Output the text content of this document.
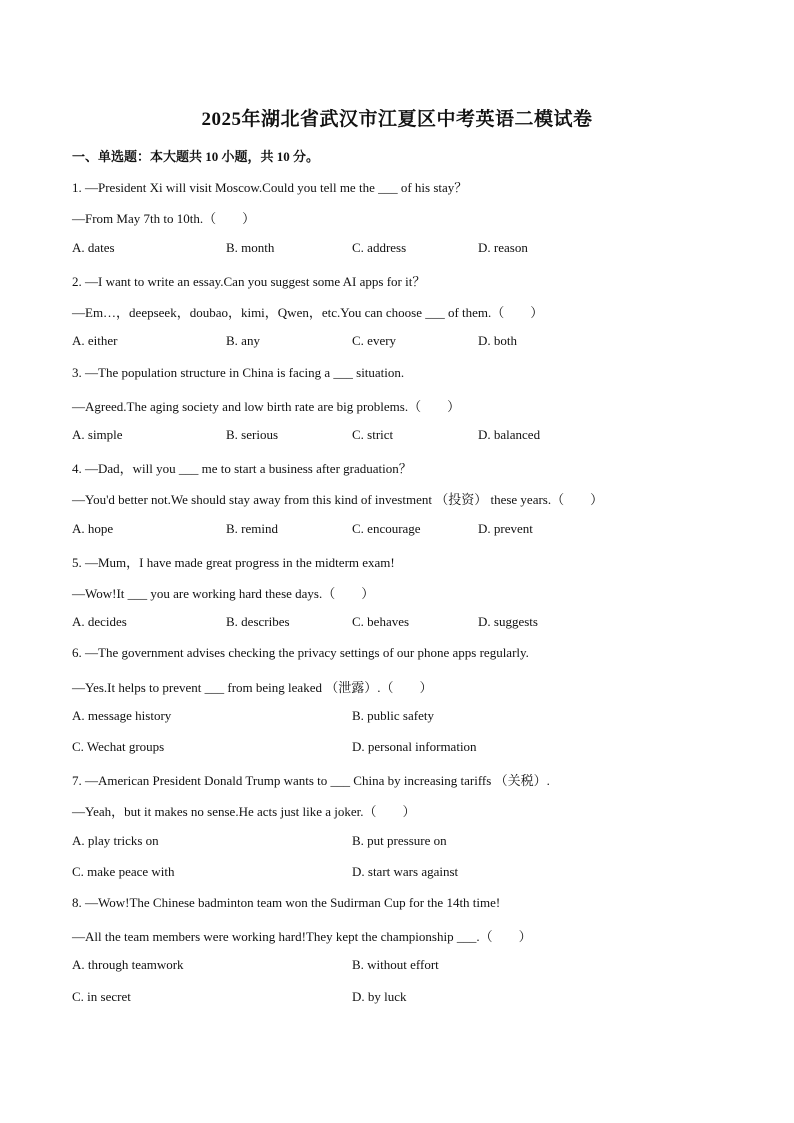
2025年湖北省武汉市江夏区中考英语二模试卷
一、单选题：本大题共 10 小题，共 10 分。
1. —President Xi will visit Moscow.Could you tell me the ___ of his stay？
—From May 7th to 10th.（　　）
A. dates	B. month	C. address	D. reason
2. —I want to write an essay.Can you suggest some AI apps for it？
—Em…，deepseek，doubao，kimi，Qwen，etc.You can choose ___ of them.（　　）
A. either	B. any	C. every	D. both
3. —The population structure in China is facing a ___ situation.
—Agreed.The aging society and low birth rate are big problems.（　　）
A. simple	B. serious	C. strict	D. balanced
4. —Dad，will you ___ me to start a business after graduation？
—You'd better not.We should stay away from this kind of investment （投资） these years.（　　）
A. hope	B. remind	C. encourage	D. prevent
5. —Mum，I have made great progress in the midterm exam!
—Wow!It ___ you are working hard these days.（　　）
A. decides	B. describes	C. behaves	D. suggests
6. —The government advises checking the privacy settings of our phone apps regularly.
—Yes.It helps to prevent ___ from being leaked （泄露）.（　　）
A. message history	B. public safety
C. Wechat groups	D. personal information
7. —American President Donald Trump wants to ___ China by increasing tariffs （关税）.
—Yeah，but it makes no sense.He acts just like a joker.（　　）
A. play tricks on	B. put pressure on
C. make peace with	D. start wars against
8. —Wow!The Chinese badminton team won the Sudirman Cup for the 14th time!
—All the team members were working hard!They kept the championship ___.（　　）
A. through teamwork	B. without effort
C. in secret	D. by luck
